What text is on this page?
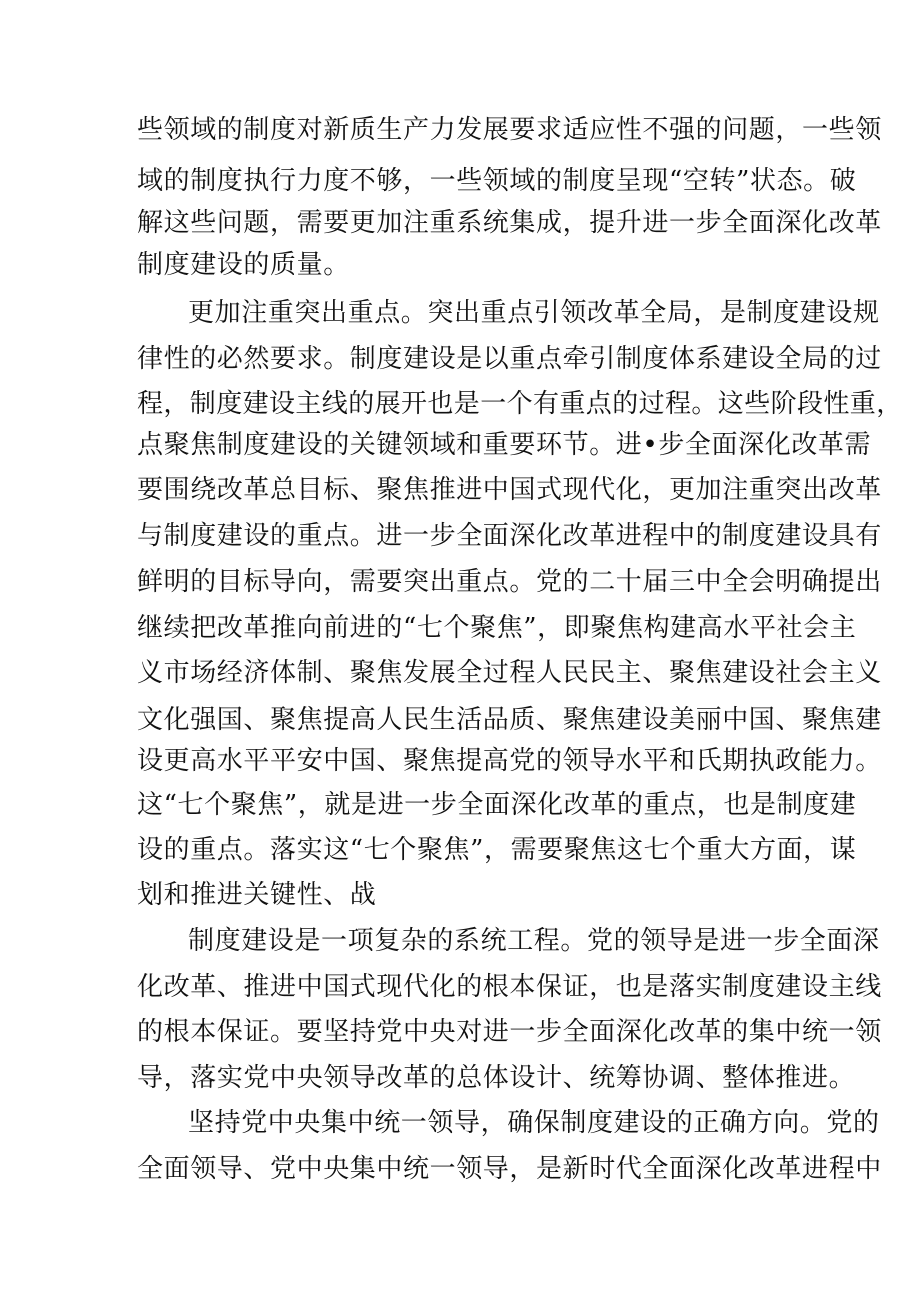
些领域的制度对新质生产力发展要求适应性不强的问题，一些领
域的制度执行力度不够，一些领域的制度呈现“空转”状态。破
解这些问题，需要更加注重系统集成，提升进一步全面深化改革
制度建设的质量。
更加注重突出重点。突出重点引领改革全局，是制度建设规
律性的必然要求。制度建设是以重点牵引制度体系建设全局的过
程，制度建设主线的展开也是一个有重点的过程。这些阶段性重，
点聚焦制度建设的关键领域和重要环节。进•步全面深化改革需
要围绕改革总目标、聚焦推进中国式现代化，更加注重突出改革
与制度建设的重点。进一步全面深化改革进程中的制度建设具有
鲜明的目标导向，需要突出重点。党的二十届三中全会明确提出
继续把改革推向前进的“七个聚焦”，即聚焦构建高水平社会主
义市场经济体制、聚焦发展全过程人民民主、聚焦建设社会主义
文化强国、聚焦提高人民生活品质、聚焦建设美丽中国、聚焦建
设更高水平平安中国、聚焦提高党的领导水平和氏期执政能力。
这“七个聚焦”，就是进一步全面深化改革的重点，也是制度建
设的重点。落实这“七个聚焦”，需要聚焦这七个重大方面，谋
划和推进关键性、战
制度建设是一项复杂的系统工程。党的领导是进一步全面深
化改革、推进中国式现代化的根本保证，也是落实制度建设主线
的根本保证。要坚持党中央对进一步全面深化改革的集中统一领
导，落实党中央领导改革的总体设计、统筹协调、整体推进。
坚持党中央集中统一领导，确保制度建设的正确方向。党的
全面领导、党中央集中统一领导，是新时代全面深化改革进程中
